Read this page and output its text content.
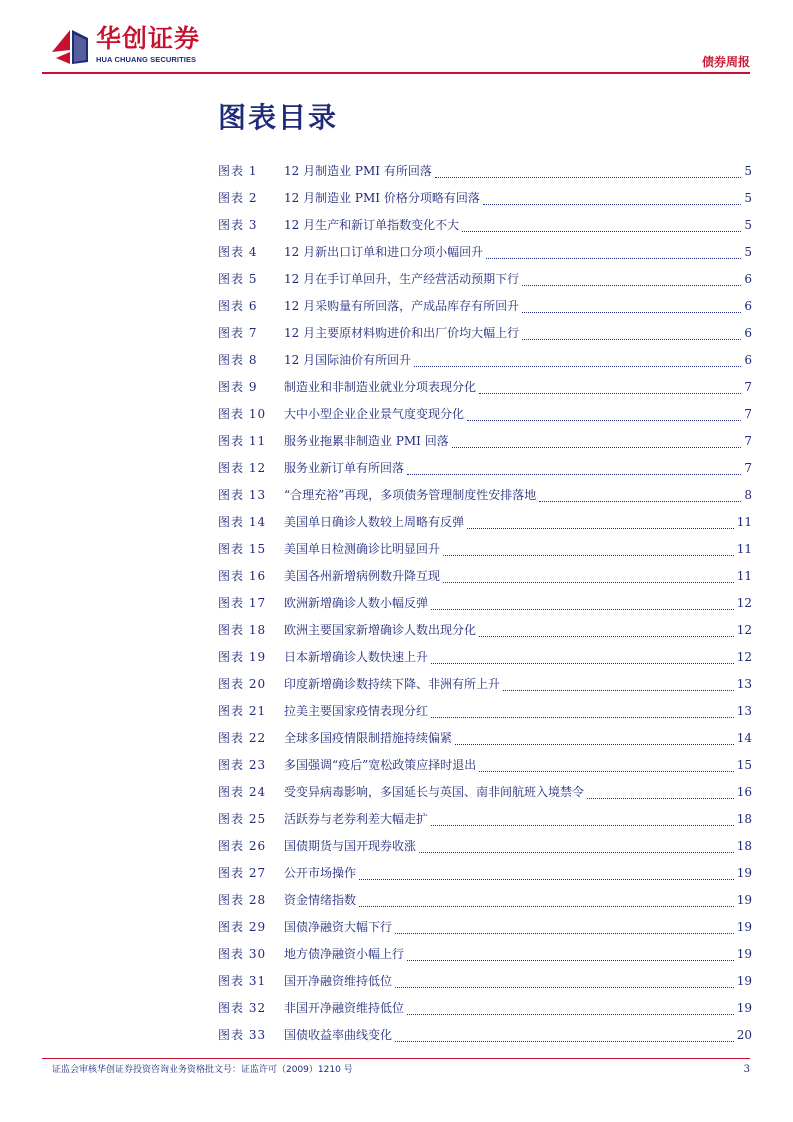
华创证券
HUA CHUANG SECURITIES	债券周报
图表目录
图表 1	12 月制造业 PMI 有所回落	5
图表 2	12 月制造业 PMI 价格分项略有回落	5
图表 3	12 月生产和新订单指数变化不大	5
图表 4	12 月新出口订单和进口分项小幅回升	5
图表 5	12 月在手订单回升，生产经营活动预期下行	6
图表 6	12 月采购量有所回落，产成品库存有所回升	6
图表 7	12 月主要原材料购进价和出厂价均大幅上行	6
图表 8	12 月国际油价有所回升	6
图表 9	制造业和非制造业就业分项表现分化	7
图表 10	大中小型企业企业景气度变现分化	7
图表 11	服务业拖累非制造业 PMI 回落	7
图表 12	服务业新订单有所回落	7
图表 13	“合理充裕”再现，多项债务管理制度性安排落地	8
图表 14	美国单日确诊人数较上周略有反弹	11
图表 15	美国单日检测确诊比明显回升	11
图表 16	美国各州新增病例数升降互现	11
图表 17	欧洲新增确诊人数小幅反弹	12
图表 18	欧洲主要国家新增确诊人数出现分化	12
图表 19	日本新增确诊人数快速上升	12
图表 20	印度新增确诊数持续下降、非洲有所上升	13
图表 21	拉美主要国家疫情表现分红	13
图表 22	全球多国疫情限制措施持续偏紧	14
图表 23	多国强调“疫后”宽松政策应择时退出	15
图表 24	受变异病毒影响，多国延长与英国、南非间航班入境禁令	16
图表 25	活跃券与老券利差大幅走扩	18
图表 26	国债期货与国开现券收涨	18
图表 27	公开市场操作	19
图表 28	资金情绪指数	19
图表 29	国债净融资大幅下行	19
图表 30	地方债净融资小幅上行	19
图表 31	国开净融资维持低位	19
图表 32	非国开净融资维持低位	19
图表 33	国债收益率曲线变化	20
证监会审核华创证券投资咨询业务资格批文号：证监许可（2009）1210 号	3
